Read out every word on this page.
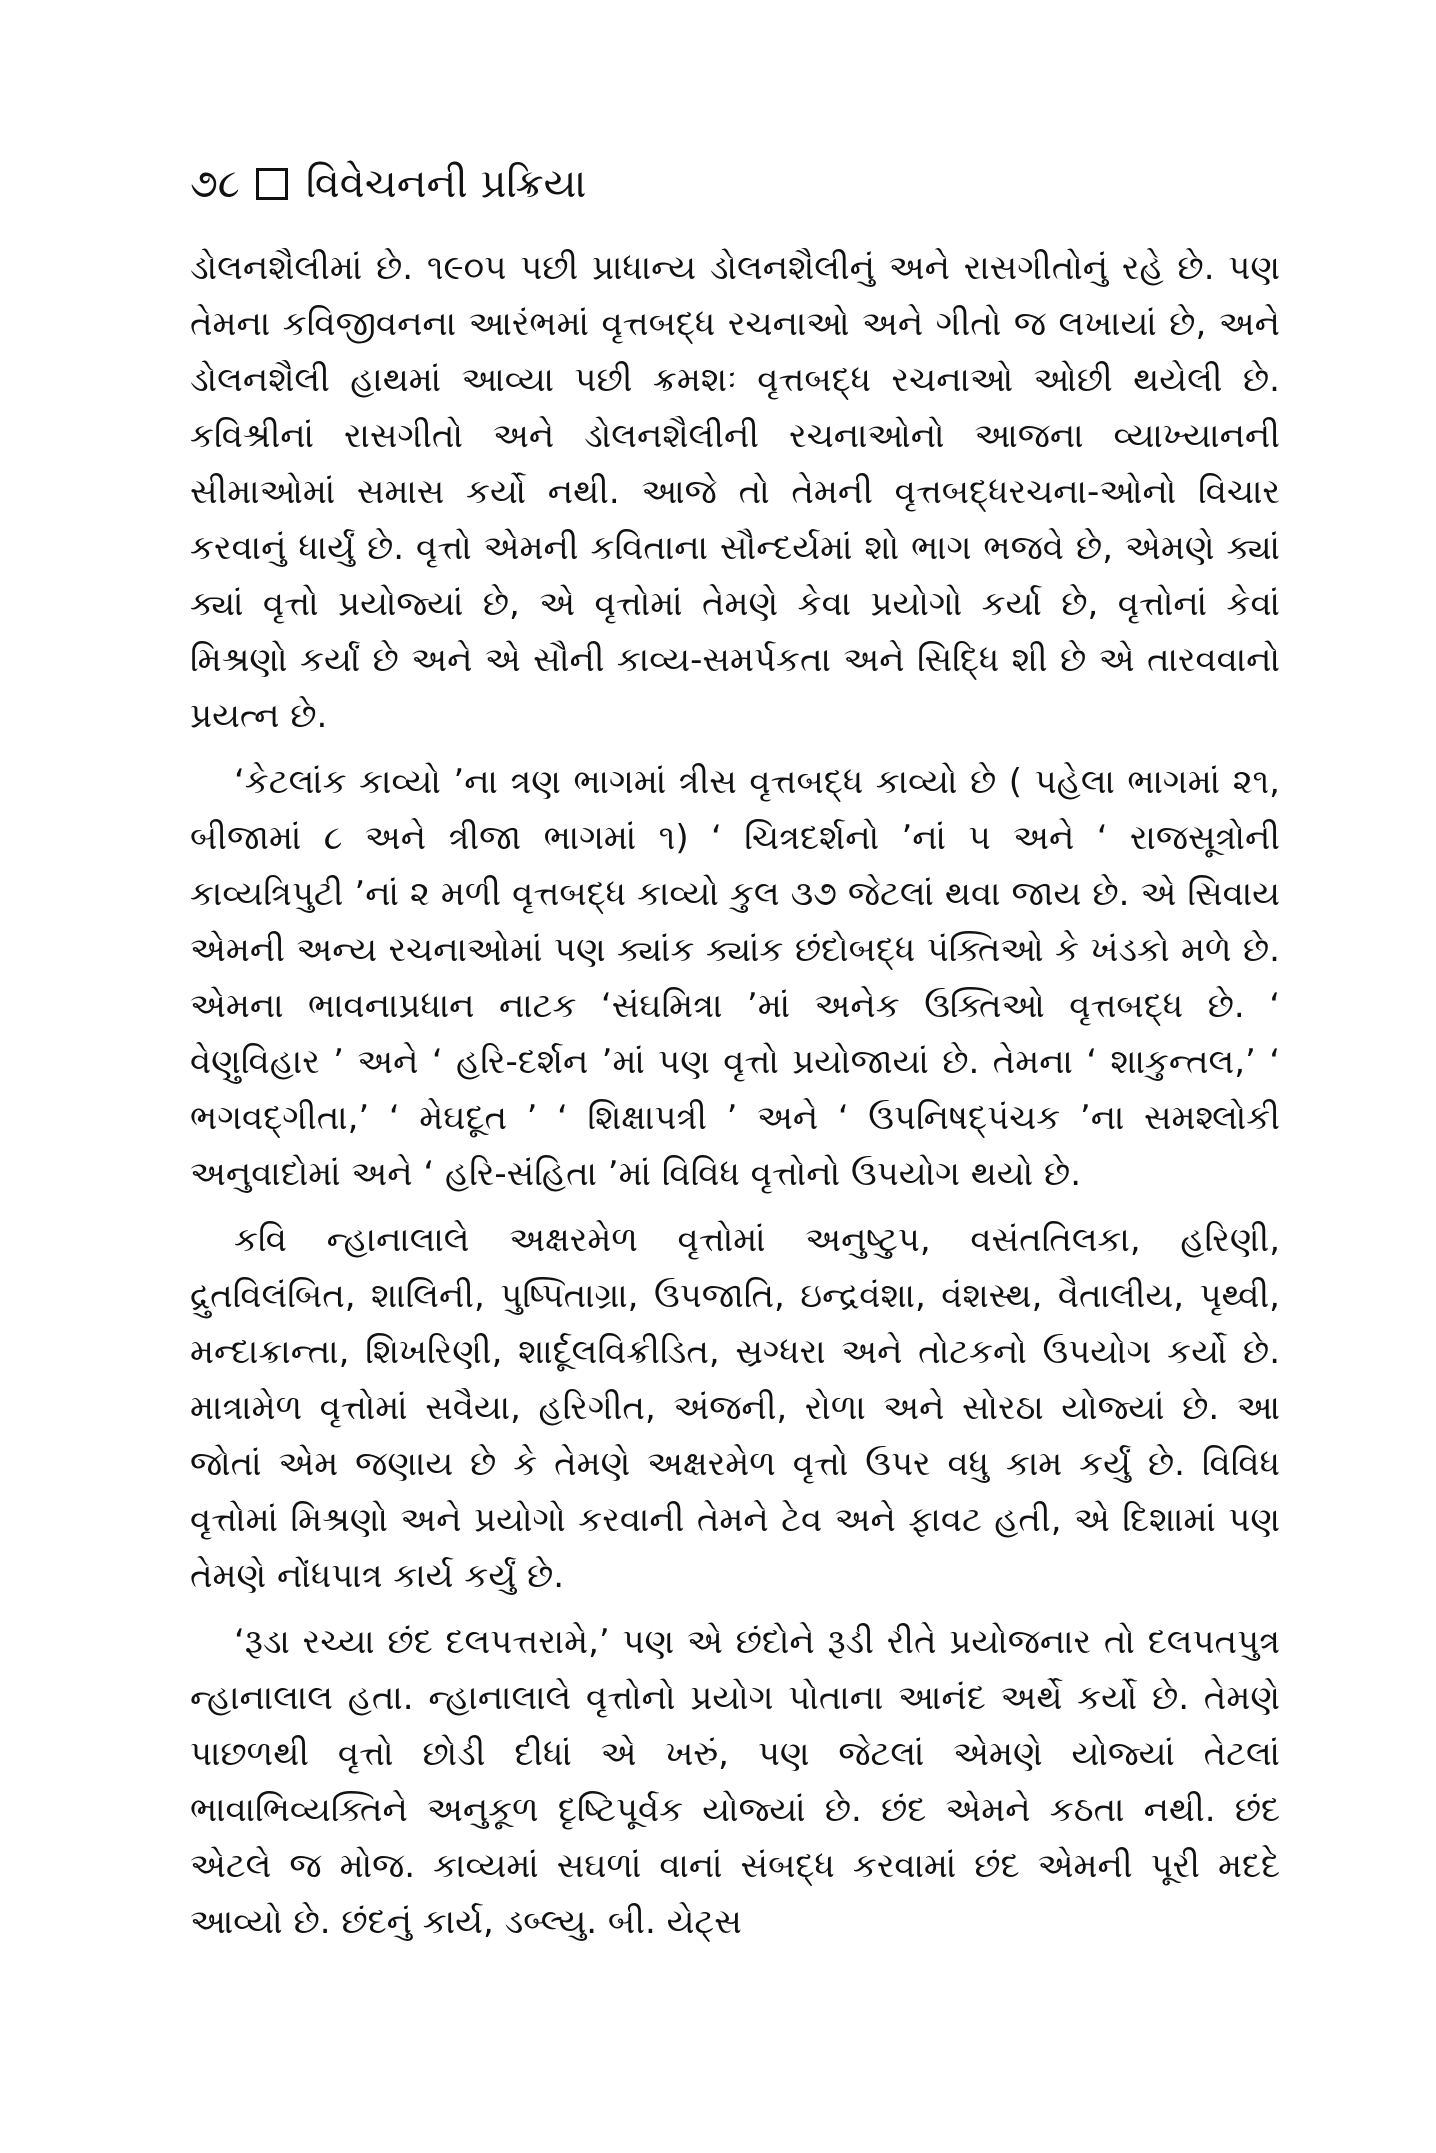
૭૮ વિવેચનની પ્રક્રિયા

ડોલનશૈલીમાં છે. ૧૯૦૫ પછી પ્રાધાન્ય ડોલનશૈલીનું અને રાસગીતોનું રહે છે. પણ તેમના કવિજીવનના આરંભમાં વૃત્તબદ્ધ રચનાઓ અને ગીતો જ લખાયાં છે, અને ડોલનશૈલી હાથમાં આવ્યા પછી ક્રમશઃ વૃત્તબદ્ધ રચનાઓ ઓછી થયેલી છે. કવિશ્રીનાં રાસગીતો અને ડોલનશૈલીની રચનાઓનો આજના વ્યાખ્યાનની સીમાઓમાં સમાસ કર્યો નથી. આજે તો તેમની વૃત્તબદ્ધરચના-ઓનો વિચાર કરવાનું ધાર્યું છે. વૃત્તો એમની કવિતાના સૌન્દર્યમાં શો ભાગ ભજવે છે, એમણે ક્યાં ક્યાં વૃત્તો પ્રયોજ્યાં છે, એ વૃત્તોમાં તેમણે કેવા પ્રયોગો કર્યા છે, વૃત્તોનાં કેવાં મિશ્રણો કર્યાં છે અને એ સૌની કાવ્ય-સમર્પકતા અને સિદ્ધિ શી છે એ તારવવાનો પ્રયત્ન છે.

‘કેટલાંક કાવ્યો ’ના ત્રણ ભાગમાં ત્રીસ વૃત્તબદ્ધ કાવ્યો છે ( પહેલા ભાગમાં ૨૧, બીજામાં ૮ અને ત્રીજા ભાગમાં ૧) ‘ ચિત્રદર્શનો ’નાં ૫ અને ‘ રાજસૂત્રોની કાવ્યત્રિપુટી ’નાં ૨ મળી વૃત્તબદ્ધ કાવ્યો કુલ ૩૭ જેટલાં થવા જાય છે. એ સિવાય એમની અન્ય રચનાઓમાં પણ ક્યાંક ક્યાંક છંદોબદ્ધ પંક્તિઓ કે ખંડકો મળે છે. એમના ભાવનાપ્રધાન નાટક ‘સંઘમિત્રા ’માં અનેક ઉક્તિઓ વૃત્તબદ્ધ છે. ‘ વેણુવિહાર ’ અને ‘ હરિ-દર્શન ’માં પણ વૃત્તો પ્રયોજાયાં છે. તેમના ‘ શાકુન્તલ,’ ‘ ભગવદ્ગીતા,’ ‘ મેઘદૂત ’ ‘ શિક્ષાપત્રી ’ અને ‘ ઉપનિષદ્પંચક ’ના સમશ્લોકી અનુવાદોમાં અને ‘ હરિ-સંહિતા ’માં વિવિધ વૃત્તોનો ઉપયોગ થયો છે.

કવિ ન્હાનાલાલે અક્ષરમેળ વૃત્તોમાં અનુષ્ટુપ, વસંતતિલકા, હરિણી, દ્રુતવિલંબિત, શાલિની, પુષ્પિતાગ્રા, ઉપજાતિ, ઇન્દ્રવંશા, વંશસ્થ, વૈતાલીય, પૃથ્વી, મન્દાક્રાન્તા, શિખરિણી, શાર્દૂલવિક્રીડિત, સ્રગ્ધરા અને તોટકનો ઉપયોગ કર્યો છે. માત્રામેળ વૃત્તોમાં સવૈયા, હરિગીત, અંજની, રોળા અને સોરઠા યોજ્યાં છે. આ જોતાં એમ જણાય છે કે તેમણે અક્ષરમેળ વૃત્તો ઉપર વધુ કામ કર્યું છે. વિવિધ વૃત્તોમાં મિશ્રણો અને પ્રયોગો કરવાની તેમને ટેવ અને ફાવટ હતી, એ દિશામાં પણ તેમણે નોંધપાત્ર કાર્ય કર્યું છે.

‘રૂડા રચ્યા છંદ દલપત્તરામે,’ પણ એ છંદોને રૂડી રીતે પ્રયોજનાર તો દલપતપુત્ર ન્હાનાલાલ હતા. ન્હાનાલાલે વૃત્તોનો પ્રયોગ પોતાના આનંદ અર્થે કર્યો છે. તેમણે પાછળથી વૃત્તો છોડી દીધાં એ ખરું, પણ જેટલાં એમણે યોજ્યાં તેટલાં ભાવાભિવ્યક્તિને અનુકૂળ દૃષ્ટિપૂર્વક યોજ્યાં છે. છંદ એમને કઠતા નથી. છંદ એટલે જ મોજ. કાવ્યમાં સઘળાં વાનાં સંબદ્ધ કરવામાં છંદ એમની પૂરી મદદે આવ્યો છે. છંદનું કાર્ય, ડબ્લ્યુ. બી. યેટ્સ
